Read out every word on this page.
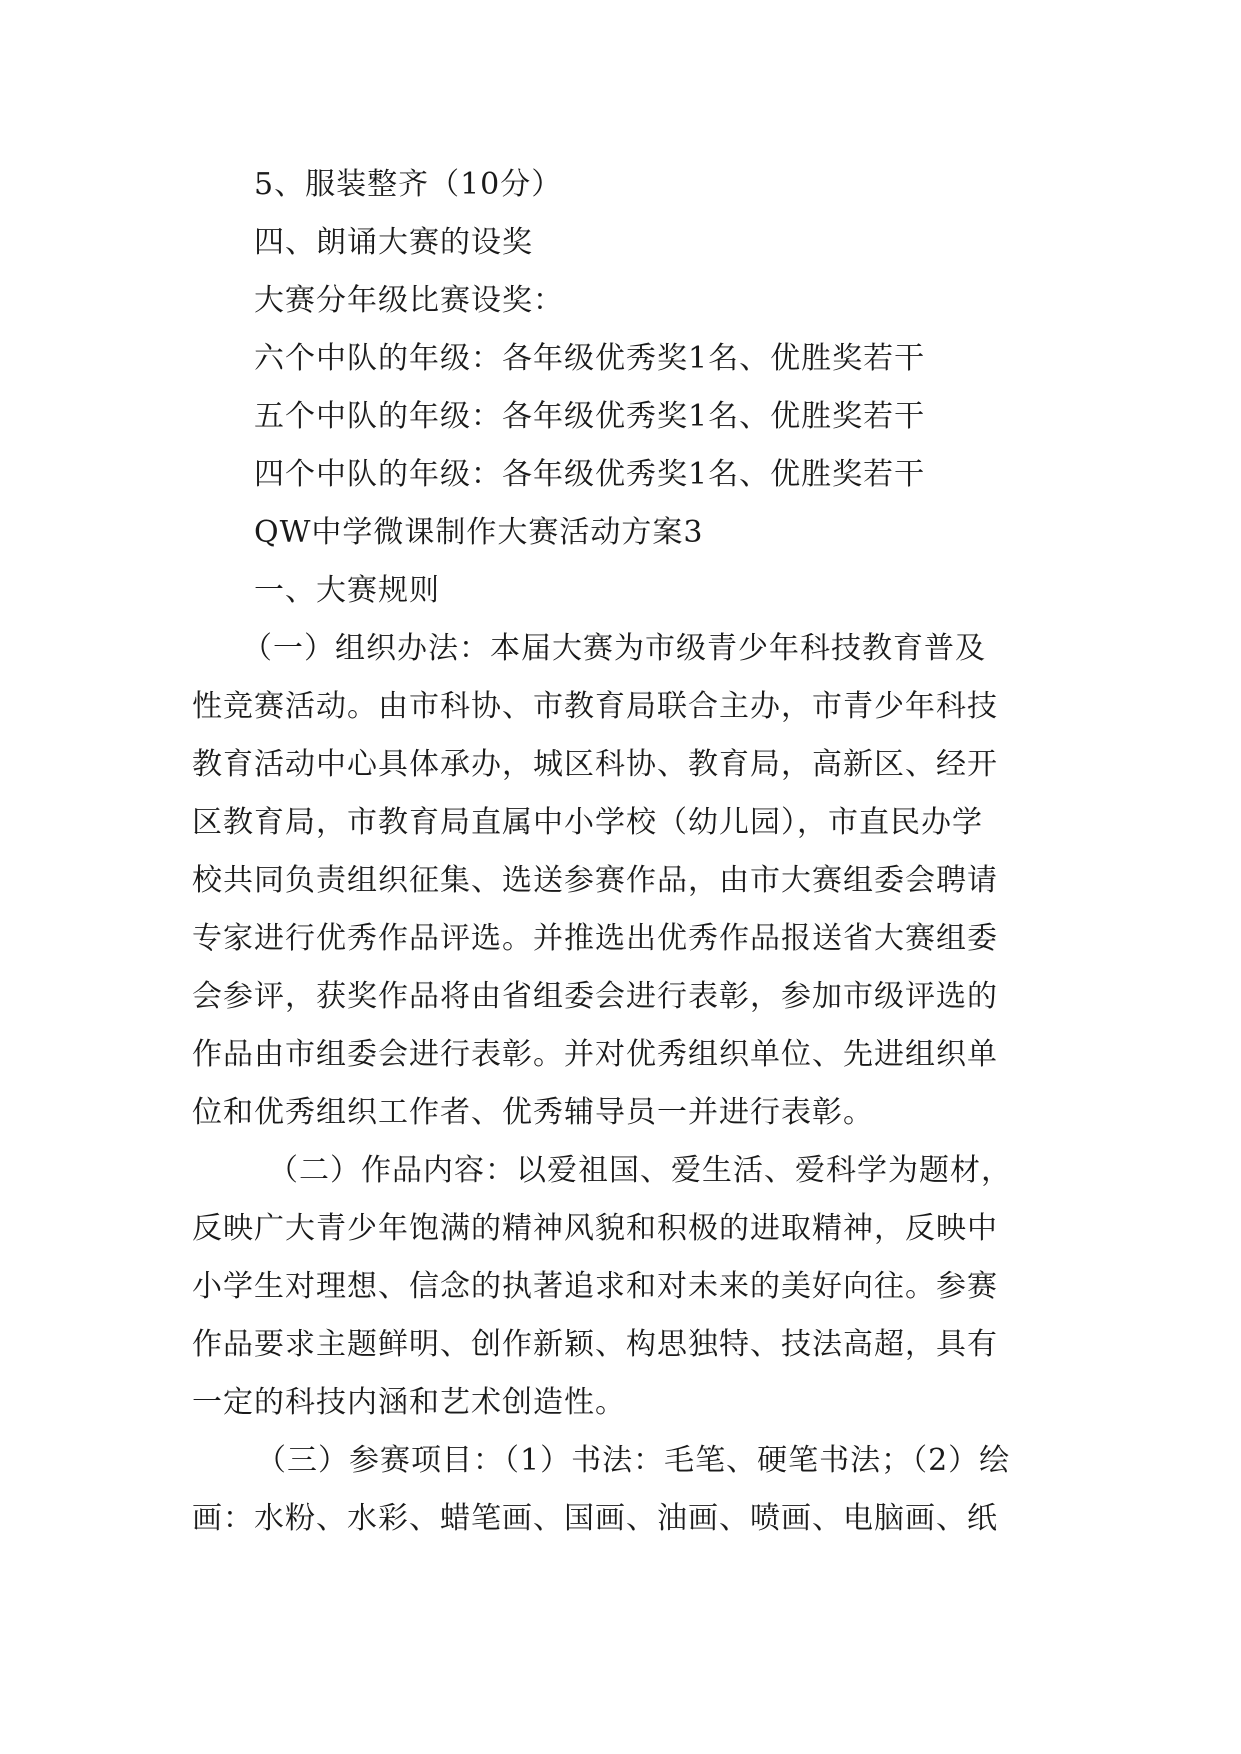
5、服装整齐（10分）
四、朗诵大赛的设奖
大赛分年级比赛设奖：
六个中队的年级：各年级优秀奖1名、优胜奖若干
五个中队的年级：各年级优秀奖1名、优胜奖若干
四个中队的年级：各年级优秀奖1名、优胜奖若干
QW中学微课制作大赛活动方案3
一、大赛规则
（一）组织办法：本届大赛为市级青少年科技教育普及
性竞赛活动。由市科协、市教育局联合主办，市青少年科技
教育活动中心具体承办，城区科协、教育局，高新区、经开
区教育局，市教育局直属中小学校（幼儿园），市直民办学
校共同负责组织征集、选送参赛作品，由市大赛组委会聘请
专家进行优秀作品评选。并推选出优秀作品报送省大赛组委
会参评，获奖作品将由省组委会进行表彰，参加市级评选的
作品由市组委会进行表彰。并对优秀组织单位、先进组织单
位和优秀组织工作者、优秀辅导员一并进行表彰。
（二）作品内容：以爱祖国、爱生活、爱科学为题材，
反映广大青少年饱满的精神风貌和积极的进取精神，反映中
小学生对理想、信念的执著追求和对未来的美好向往。参赛
作品要求主题鲜明、创作新颖、构思独特、技法高超，具有
一定的科技内涵和艺术创造性。
（三）参赛项目：（1）书法：毛笔、硬笔书法；（2）绘
画：水粉、水彩、蜡笔画、国画、油画、喷画、电脑画、纸
